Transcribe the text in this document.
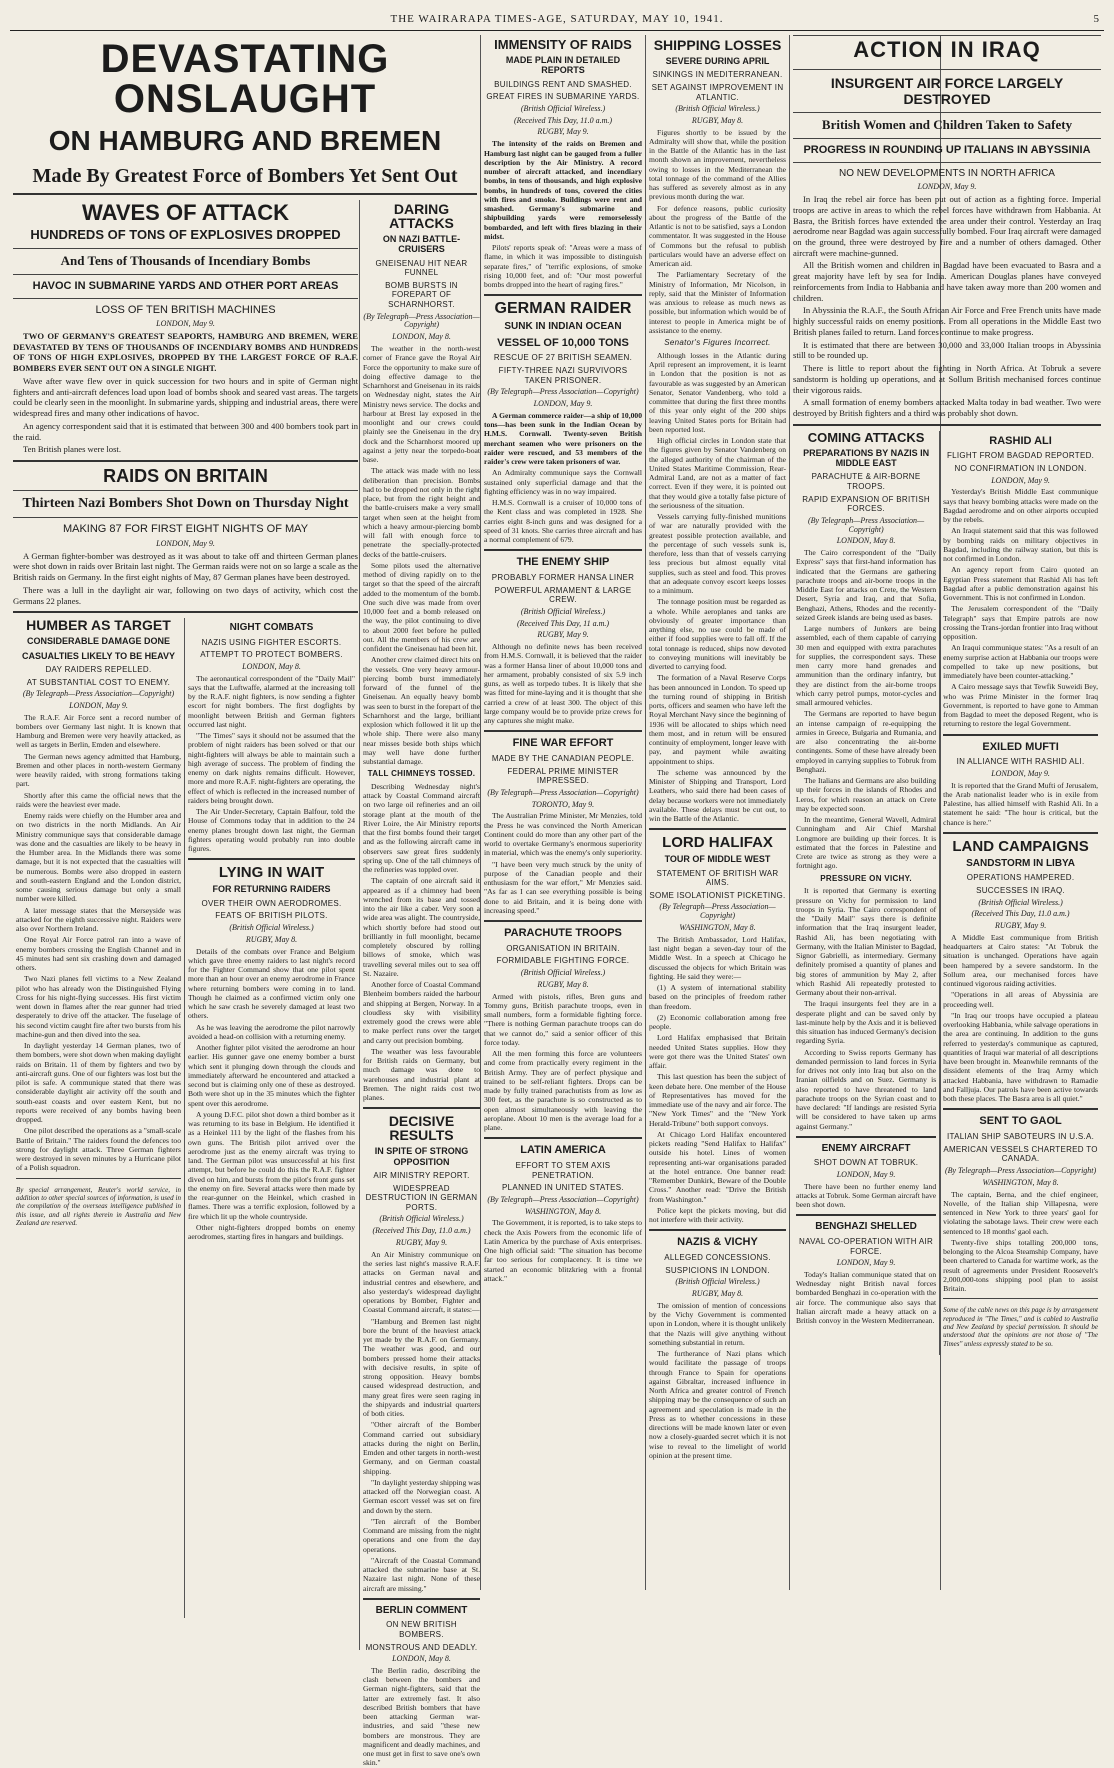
THE WAIRARAPA TIMES-AGE, SATURDAY, MAY 10, 1941.	5
DEVASTATING ONSLAUGHT
ON HAMBURG AND BREMEN
Made By Greatest Force of Bombers Yet Sent Out
WAVES OF ATTACK
HUNDREDS OF TONS OF EXPLOSIVES DROPPED
And Tens of Thousands of Incendiary Bombs
HAVOC IN SUBMARINE YARDS AND OTHER PORT AREAS
LOSS OF TEN BRITISH MACHINES
LONDON, May 9.

TWO OF GERMANY'S GREATEST SEAPORTS, HAMBURG AND BREMEN, WERE DEVASTATED BY TENS OF THOUSANDS OF INCENDIARY BOMBS AND HUNDREDS OF TONS OF HIGH EXPLOSIVES, DROPPED BY THE LARGEST FORCE OF R.A.F. BOMBERS EVER SENT OUT ON A SINGLE NIGHT.

Wave after wave flew over in quick succession for two hours and in spite of German night fighters and anti-aircraft defences load upon load of bombs shook and seared vast areas. The targets could be clearly seen in the moonlight. In submarine yards, shipping and industrial areas, there were widespread fires and many other indications of havoc.

An agency correspondent said that it is estimated that between 300 and 400 bombers took part in the raid.

Ten British planes were lost.

RAIDS ON BRITAIN
Thirteen Nazi Bombers Shot Down on Thursday Night
MAKING 87 FOR FIRST EIGHT NIGHTS OF MAY
LONDON, May 9.

A German fighter-bomber was destroyed as it was about to take off and thirteen German planes were shot down in raids over Britain last night. The German raids were not on so large a scale as the British raids on Germany. In the first eight nights of May, 87 German planes have been destroyed.

There was a lull in the daylight air war, following on two days of activity, which cost the Germans 22 planes.

HUMBER AS TARGET
CONSIDERABLE DAMAGE DONE
CASUALTIES LIKELY TO BE HEAVY
DAY RAIDERS REPELLED.
AT SUBSTANTIAL COST TO ENEMY.
(By Telegraph—Press Association—Copyright)
LONDON, May 9.

The R.A.F. Air Force sent a record number of bombers over Germany last night. It is known that Hamburg and Bremen were very heavily attacked, as well as targets in Berlin, Emden and elsewhere.

The German news agency admitted that Hamburg, Bremen and other places in north-western Germany were heavily raided, with strong formations taking part.

Shortly after this came the official news that the raids were the heaviest ever made.

Enemy raids were chiefly on the Humber area and on two districts in the north Midlands. An Air Ministry communique says that considerable damage was done and the casualties are likely to be heavy in the Humber area. In the Midlands there was some damage, but it is not expected that the casualties will be numerous. Bombs were also dropped in eastern and south-eastern England and the London district, some causing serious damage but only a small number were killed.

A later message states that the Merseyside was attacked for the eighth successive night. Raiders were also over Northern Ireland.

One Royal Air Force patrol ran into a wave of enemy bombers crossing the English Channel and in 45 minutes had sent six crashing down and damaged others.

Two Nazi planes fell victims to a New Zealand pilot who has already won the Distinguished Flying Cross for his night-flying successes. His first victim went down in flames after the rear gunner had tried desperately to drive off the attacker. The fuselage of his second victim caught fire after two bursts from his machine-gun and then dived into the sea.

In daylight yesterday 14 German planes, two of them bombers, were shot down when making daylight raids on Britain. 11 of them by fighters and two by anti-aircraft guns. One of our fighters was lost but the pilot is safe. A communique stated that there was considerable daylight air activity off the south and south-east coasts and over eastern Kent, but no reports were received of any bombs having been dropped.

One pilot described the operations as a "small-scale Battle of Britain." The raiders found the defences too strong for daylight attack. Three German fighters were destroyed in seven minutes by a Hurricane pilot of a Polish squadron.

By special arrangement, Reuter's world service, in addition to other special sources of information, is used in the compilation of the overseas intelligence published in this issue, and all rights therein in Australia and New Zealand are reserved.

NIGHT COMBATS
NAZIS USING FIGHTER ESCORTS.
ATTEMPT TO PROTECT BOMBERS.
LONDON, May 8.

The aeronautical correspondent of the "Daily Mail" says that the Luftwaffe, alarmed at the increasing toll by the R.A.F. night fighters, is now sending a fighter escort for night bombers. The first dogfights by moonlight between British and German fighters occurred last night.

"The Times" says it should not be assumed that the problem of night raiders has been solved or that our night-fighters will always be able to maintain such a high average of success. The problem of finding the enemy on dark nights remains difficult. However, more and more R.A.F. night-fighters are operating, the effect of which is reflected in the increased number of raiders being brought down.

The Air Under-Secretary, Captain Balfour, told the House of Commons today that in addition to the 24 enemy planes brought down last night, the German fighters operating would probably run into double figures.

LYING IN WAIT
FOR RETURNING RAIDERS
OVER THEIR OWN AERODROMES.
FEATS OF BRITISH PILOTS.
(British Official Wireless.)
RUGBY, May 8.

Details of the combats over France and Belgium which gave three enemy raiders to last night's record for the Fighter Command show that one pilot spent more than an hour over an enemy aerodrome in France where returning bombers were coming in to land. Though he claimed as a confirmed victim only one which he saw crash he severely damaged at least two others.

As he was leaving the aerodrome the pilot narrowly avoided a head-on collision with a returning enemy.

Another fighter pilot visited the aerodrome an hour earlier. His gunner gave one enemy bomber a burst which sent it plunging down through the clouds and immediately afterward he encountered and attacked a second but is claiming only one of these as destroyed. Both were shot up in the 35 minutes which the fighter spent over this aerodrome.

A young D.F.C. pilot shot down a third bomber as it was returning to its base in Belgium. He identified it as a Heinkel 111 by the light of the flashes from his own guns. The British pilot arrived over the aerodrome just as the enemy aircraft was trying to land. The German pilot was unsuccessful at his first attempt, but before he could do this the R.A.F. fighter dived on him, and bursts from the pilot's front guns set the enemy on fire. Several attacks were then made by the rear-gunner on the Heinkel, which crashed in flames. There was a terrific explosion, followed by a fire which lit up the whole countryside.

Other night-fighters dropped bombs on enemy aerodromes, starting fires in hangars and buildings.

DARING ATTACKS
ON NAZI BATTLE-CRUISERS
GNEISENAU HIT NEAR FUNNEL
BOMB BURSTS IN FOREPART OF SCHARNHORST.
(By Telegraph—Press Association—Copyright)
LONDON, May 8.

The weather in the north-west corner of France gave the Royal Air Force the opportunity to make sure of doing effective damage to the Scharnhorst and Gneisenau in its raids on Wednesday night, states the Air Ministry news service. The docks and harbour at Brest lay exposed in the moonlight and our crews could plainly see the Gneisenau in the dry dock and the Scharnhorst moored up against a jetty near the torpedo-boat base.

The attack was made with no less deliberation than precision. Bombs had to be dropped not only in the right place, but from the right height and the battle-cruisers make a very small target when seen at the height from which a heavy armour-piercing bomb will fall with enough force to penetrate the specially-protected decks of the battle-cruisers.

Some pilots used the alternative method of diving rapidly on to the target so that the speed of the aircraft added to the momentum of the bomb. One such dive was made from over 10,000 feet and a bomb released on the way, the pilot continuing to dive to about 2000 feet before he pulled out. All the members of his crew are confident the Gneisenau had been hit.

Another crew claimed direct hits on the vessels. One very heavy armour-piercing bomb burst immediately forward of the funnel of the Gneisenau. An equally heavy bomb was seen to burst in the forepart of the Scharnhorst and the large, brilliant explosion which followed it lit up the whole ship. There were also many near misses beside both ships which may well have done further substantial damage.

TALL CHIMNEYS TOSSED.

Describing Wednesday night's attack by Coastal Command aircraft on two large oil refineries and an oil storage plant at the mouth of the River Loire, the Air Ministry reports that the first bombs found their target and as the following aircraft came in observers saw great fires suddenly spring up. One of the tall chimneys of the refineries was toppled over.

The captain of one aircraft said it appeared as if a chimney had been wrenched from its base and tossed into the air like a caber. Very soon a wide area was alight. The countryside, which shortly before had stood out brilliantly in full moonlight, became completely obscured by rolling billows of smoke, which was travelling several miles out to sea off St. Nazaire.

Another force of Coastal Command Blenheim bombers raided the harbour and shipping at Bergen, Norway. In a cloudless sky with visibility extremely good the crews were able to make perfect runs over the target and carry out precision bombing.

The weather was less favourable for British raids on Germany, but much damage was done to warehouses and industrial plant at Bremen. The night raids cost two planes.

DECISIVE RESULTS
IN SPITE OF STRONG OPPOSITION
AIR MINISTRY REPORT.
WIDESPREAD DESTRUCTION IN GERMAN PORTS.
(British Official Wireless.)
(Received This Day, 11.0 a.m.)
RUGBY, May 9.

An Air Ministry communique on the series last night's massive R.A.F. attacks on German naval and industrial centres and elsewhere, and also yesterday's widespread daylight operations by Bomber, Fighter and Coastal Command aircraft, it states:—

"Hamburg and Bremen last night bore the brunt of the heaviest attack yet made by the R.A.F. on Germany. The weather was good, and our bombers pressed home their attacks with decisive results, in spite of strong opposition. Heavy bombs caused widespread destruction, and many great fires were seen raging in the shipyards and industrial quarters of both cities.

"Other aircraft of the Bomber Command carried out subsidiary attacks during the night on Berlin, Emden and other targets in north-west Germany, and on German coastal shipping.

"In daylight yesterday shipping was attacked off the Norwegian coast. A German escort vessel was set on fire and down by the stern.

"Ten aircraft of the Bomber Command are missing from the night operations and one from the day operations.

"Aircraft of the Coastal Command attacked the submarine base at St. Nazaire last night. None of these aircraft are missing."

BERLIN COMMENT
ON NEW BRITISH BOMBERS.
MONSTROUS AND DEADLY.
LONDON, May 8.

The Berlin radio, describing the clash between the bombers and German night-fighters, said that the latter are extremely fast. It also described British bombers that have been attacking German war-industries, and said "these new bombers are monstrous. They are magnificent and deadly machines, and one must get in first to save one's own skin."

IMMENSITY OF RAIDS
MADE PLAIN IN DETAILED REPORTS
BUILDINGS RENT AND SMASHED.
GREAT FIRES IN SUBMARINE YARDS.
(British Official Wireless.)
(Received This Day, 11.0 a.m.)
RUGBY, May 9.

The intensity of the raids on Bremen and Hamburg last night can be gauged from a fuller description by the Air Ministry. A record number of aircraft attacked, and incendiary bombs, in tens of thousands, and high explosive bombs, in hundreds of tons, covered the cities with fires and smoke. Buildings were rent and smashed. Germany's submarine and shipbuilding yards were remorselessly bombarded, and left with fires blazing in their midst.

Pilots' reports speak of: "Areas were a mass of flame, in which it was impossible to distinguish separate fires," of "terrific explosions, of smoke rising 10,000 feet, and of: "Our most powerful bombs dropped into the heart of raging fires."

GERMAN RAIDER
SUNK IN INDIAN OCEAN
VESSEL OF 10,000 TONS
RESCUE OF 27 BRITISH SEAMEN.
FIFTY-THREE NAZI SURVIVORS TAKEN PRISONER.
(By Telegraph—Press Association—Copyright)
LONDON, May 9.

A German commerce raider—a ship of 10,000 tons—has been sunk in the Indian Ocean by H.M.S. Cornwall. Twenty-seven British merchant seamen who were prisoners on the raider were rescued, and 53 members of the raider's crew were taken prisoners of war.

An Admiralty communique says the Cornwall sustained only superficial damage and that the fighting efficiency was in no way impaired.

H.M.S. Cornwall is a cruiser of 10,000 tons of the Kent class and was completed in 1928. She carries eight 8-inch guns and was designed for a speed of 31 knots. She carries three aircraft and has a normal complement of 679.

THE ENEMY SHIP
PROBABLY FORMER HANSA LINER
POWERFUL ARMAMENT & LARGE CREW.
(British Official Wireless.)
(Received This Day, 11 a.m.)
RUGBY, May 9.

Although no definite news has been received from H.M.S. Cornwall, it is believed that the raider was a former Hansa liner of about 10,000 tons and her armament, probably consisted of six 5.9 inch guns, as well as torpedo tubes. It is likely that she was fitted for mine-laying and it is thought that she carried a crew of at least 300. The object of this large company would be to provide prize crews for any captures she might make.

FINE WAR EFFORT
MADE BY THE CANADIAN PEOPLE.
FEDERAL PRIME MINISTER IMPRESSED.
(By Telegraph—Press Association—Copyright)
TORONTO, May 9.

The Australian Prime Minister, Mr Menzies, told the Press he was convinced the North American Continent could do more than any other part of the world to overtake Germany's enormous superiority in material, which was the enemy's only superiority.

"I have been very much struck by the unity of purpose of the Canadian people and their enthusiasm for the war effort," Mr Menzies said. "As far as I can see everything possible is being done to aid Britain, and it is being done with increasing speed."

PARACHUTE TROOPS
ORGANISATION IN BRITAIN.
FORMIDABLE FIGHTING FORCE.
(British Official Wireless.)
RUGBY, May 8.

Armed with pistols, rifles, Bren guns and Tommy guns, British parachute troops, even in small numbers, form a formidable fighting force. "There is nothing German parachute troops can do that we cannot do," said a senior officer of this force today.

All the men forming this force are volunteers and come from practically every regiment in the British Army. They are of perfect physique and trained to be self-reliant fighters. Drops can be made by fully trained parachutists from as low as 300 feet, as the parachute is so constructed as to open almost simultaneously with leaving the aeroplane. About 10 men is the average load for a plane.

LATIN AMERICA
EFFORT TO STEM AXIS PENETRATION.
PLANNED IN UNITED STATES.
(By Telegraph—Press Association—Copyright)
WASHINGTON, May 8.

The Government, it is reported, is to take steps to check the Axis Powers from the economic life of Latin America by the purchase of Axis enterprises. One high official said: "The situation has become far too serious for complacency. It is time we started an economic blitzkrieg with a frontal attack."

SHIPPING LOSSES
SEVERE DURING APRIL
SINKINGS IN MEDITERRANEAN.
SET AGAINST IMPROVEMENT IN ATLANTIC.
(British Official Wireless.)
RUGBY, May 8.

Figures shortly to be issued by the Admiralty will show that, while the position in the Battle of the Atlantic has in the last month shown an improvement, nevertheless owing to losses in the Mediterranean the total tonnage of the command of the Allies has suffered as severely almost as in any previous month during the war.

For defence reasons, public curiosity about the progress of the Battle of the Atlantic is not to be satisfied, says a London commentator. It was suggested in the House of Commons but the refusal to publish particulars would have an adverse effect on American aid.

The Parliamentary Secretary of the Ministry of Information, Mr Nicolson, in reply, said that the Minister of Information was anxious to release as much news as possible, but information which would be of interest to people in America might be of assistance to the enemy.

Senator's Figures Incorrect.

Although losses in the Atlantic during April represent an improvement, it is learnt in London that the position is not as favourable as was suggested by an American Senator, Senator Vandenberg, who told a committee that during the first three months of this year only eight of the 200 ships leaving United States ports for Britain had been reported lost.

High official circles in London state that the figures given by Senator Vandenberg on the alleged authority of the chairman of the United States Maritime Commission, Rear-Admiral Land, are not as a matter of fact correct. Even if they were, it is pointed out that they would give a totally false picture of the seriousness of the situation.

Vessels carrying fully-finished munitions of war are naturally provided with the greatest possible protection available, and the percentage of such vessels sunk is, therefore, less than that of vessels carrying less precious but almost equally vital supplies, such as steel and food. This proves that an adequate convoy escort keeps losses to a minimum.

The tonnage position must be regarded as a whole. While aeroplanes and tanks are obviously of greater importance than anything else, no use could be made of either if food supplies were to fall off. If the total tonnage is reduced, ships now devoted to conveying munitions will inevitably be diverted to carrying food.

The formation of a Naval Reserve Corps has been announced in London. To speed up the turning round of shipping in British ports, officers and seamen who have left the Royal Merchant Navy since the beginning of 1936 will be allocated to ships which need them most, and in return will be ensured continuity of employment, longer leave with pay, and payment while awaiting appointment to ships.

The scheme was announced by the Minister of Shipping and Transport, Lord Leathers, who said there had been cases of delay because workers were not immediately available. These delays must be cut out, to win the Battle of the Atlantic.

LORD HALIFAX
TOUR OF MIDDLE WEST
STATEMENT OF BRITISH WAR AIMS.
SOME ISOLATIONIST PICKETING.
(By Telegraph—Press Association—Copyright)
WASHINGTON, May 8.

The British Ambassador, Lord Halifax, last night began a seven-day tour of the Middle West. In a speech at Chicago he discussed the objects for which Britain was fighting. He said they were:—

(1) A system of international stability based on the principles of freedom rather than freedom.

(2) Economic collaboration among free people.

Lord Halifax emphasised that Britain needed United States supplies. How they were got there was the United States' own affair.

This last question has been the subject of keen debate here. One member of the House of Representatives has moved for the immediate use of the navy and air force. The "New York Times" and the "New York Herald-Tribune" both support convoys.

At Chicago Lord Halifax encountered pickets reading "Send Halifax to Halifax" outside his hotel. Lines of women representing anti-war organisations paraded at the hotel entrance. One banner read: "Remember Dunkirk, Beware of the Double Cross." Another read: "Drive the British from Washington."

Police kept the pickets moving, but did not interfere with their activity.

NAZIS & VICHY
ALLEGED CONCESSIONS.
SUSPICIONS IN LONDON.
(British Official Wireless.)
RUGBY, May 8.

The omission of mention of concessions by the Vichy Government is commented upon in London, where it is thought unlikely that the Nazis will give anything without something substantial in return.

The furtherance of Nazi plans which would facilitate the passage of troops through France to Spain for operations against Gibraltar, increased influence in North Africa and greater control of French shipping may be the consequence of such an agreement and speculation is made in the Press as to whether concessions in these directions will be made known later or even now a closely-guarded secret which it is not wise to reveal to the limelight of world opinion at the present time.

ACTION IN IRAQ
INSURGENT AIR FORCE LARGELY DESTROYED
British Women and Children Taken to Safety
PROGRESS IN ROUNDING UP ITALIANS IN ABYSSINIA
NO NEW DEVELOPMENTS IN NORTH AFRICA
LONDON, May 9.

In Iraq the rebel air force has been put out of action as a fighting force. Imperial troops are active in areas to which the rebel forces have withdrawn from Habbania. At Basra, the British forces have extended the area under their control. Yesterday an Iraq aerodrome near Bagdad was again successfully bombed. Four Iraq aircraft were damaged on the ground, three were destroyed by fire and a number of others damaged. Other aircraft were machine-gunned.

All the British women and children in Bagdad have been evacuated to Basra and a great majority have left by sea for India. American Douglas planes have conveyed reinforcements from India to Habbania and have taken away more than 200 women and children.

In Abyssinia the R.A.F., the South African Air Force and Free French units have made highly successful raids on enemy positions. From all operations in the Middle East two British planes failed to return. Land forces continue to make progress.

It is estimated that there are between 30,000 and 33,000 Italian troops in Abyssinia still to be rounded up.

There is little to report about the fighting in North Africa. At Tobruk a severe sandstorm is holding up operations, and at Sollum British mechanised forces continue their vigorous raids.

A small formation of enemy bombers attacked Malta today in bad weather. Two were destroyed by British fighters and a third was probably shot down.

COMING ATTACKS
PREPARATIONS BY NAZIS IN MIDDLE EAST
PARACHUTE & AIR-BORNE TROOPS.
RAPID EXPANSION OF BRITISH FORCES.
(By Telegraph—Press Association—Copyright)
LONDON, May 8.

The Cairo correspondent of the "Daily Express" says that first-hand information has indicated that the Germans are gathering parachute troops and air-borne troops in the Middle East for attacks on Crete, the Western Desert, Syria and Iraq, and that Sofia, Benghazi, Athens, Rhodes and the recently-seized Greek islands are being used as bases.

Large numbers of Junkers are being assembled, each of them capable of carrying 30 men and equipped with extra parachutes for supplies, the correspondent says. These men carry more hand grenades and ammunition than the ordinary infantry, but they are distinct from the air-borne troops which carry petrol pumps, motor-cycles and small armoured vehicles.

The Germans are reported to have begun an intense campaign of re-equipping the armies in Greece, Bulgaria and Rumania, and are also concentrating the air-borne contingents. Some of these have already been employed in carrying supplies to Tobruk from Benghazi.

The Italians and Germans are also building up their forces in the islands of Rhodes and Leros, for which reason an attack on Crete may be expected soon.

In the meantime, General Wavell, Admiral Cunningham and Air Chief Marshal Longmore are building up their forces. It is estimated that the forces in Palestine and Crete are twice as strong as they were a fortnight ago.

PRESSURE ON VICHY.

It is reported that Germany is exerting pressure on Vichy for permission to land troops in Syria. The Cairo correspondent of the "Daily Mail" says there is definite information that the Iraq insurgent leader, Rashid Ali, has been negotiating with Germany, with the Italian Minister to Bagdad, Signor Gabrielli, as intermediary. Germany definitely promised a quantity of planes and big stores of ammunition by May 2, after which Rashid Ali repeatedly protested to Germany about their non-arrival.

The Iraqui insurgents feel they are in a desperate plight and can be saved only by last-minute help by the Axis and it is believed this situation has induced Germany's decision regarding Syria.

According to Swiss reports Germany has demanded permission to land forces in Syria for drives not only into Iraq but also on the Iranian oilfields and on Suez. Germany is also reported to have threatened to land parachute troops on the Syrian coast and to have declared: "If landings are resisted Syria will be considered to have taken up arms against Germany."

ENEMY AIRCRAFT
SHOT DOWN AT TOBRUK.
LONDON, May 9.

There have been no further enemy land attacks at Tobruk. Some German aircraft have been shot down.

BENGHAZI SHELLED
NAVAL CO-OPERATION WITH AIR FORCE.
LONDON, May 9.

Today's Italian communique stated that on Wednesday night British naval forces bombarded Benghazi in co-operation with the air force. The communique also says that Italian aircraft made a heavy attack on a British convoy in the Western Mediterranean.

RASHID ALI
FLIGHT FROM BAGDAD REPORTED.
NO CONFIRMATION IN LONDON.
LONDON, May 9.

Yesterday's British Middle East communique says that heavy bombing attacks were made on the Bagdad aerodrome and on other airports occupied by the rebels.

An Iraqui statement said that this was followed by bombing raids on military objectives in Bagdad, including the railway station, but this is not confirmed in London.

An agency report from Cairo quoted an Egyptian Press statement that Rashid Ali has left Bagdad after a public demonstration against his Government. This is not confirmed in London.

The Jerusalem correspondent of the "Daily Telegraph" says that Empire patrols are now crossing the Trans-jordan frontier into Iraq without opposition.

An Iraqui communique states: "As a result of an enemy surprise action at Habbania our troops were compelled to take up new positions, but immediately have been counter-attacking."

A Cairo message says that Tewfik Suweidi Bey, who was Prime Minister in the former Iraq Government, is reported to have gone to Amman from Bagdad to meet the deposed Regent, who is returning to restore the legal Government.

EXILED MUFTI
IN ALLIANCE WITH RASHID ALI.
LONDON, May 9.

It is reported that the Grand Mufti of Jerusalem, the Arab nationalist leader who is in exile from Palestine, has allied himself with Rashid Ali. In a statement he said: "The hour is critical, but the chance is here."

LAND CAMPAIGNS
SANDSTORM IN LIBYA
OPERATIONS HAMPERED.
SUCCESSES IN IRAQ.
(British Official Wireless.)
(Received This Day, 11.0 a.m.)
RUGBY, May 9.

A Middle East communique from British headquarters at Cairo states: "At Tobruk the situation is unchanged. Operations have again been hampered by a severe sandstorm. In the Sollum area, our mechanised forces have continued vigorous raiding activities.

"Operations in all areas of Abyssinia are proceeding well.

"In Iraq our troops have occupied a plateau overlooking Habbania, while salvage operations in the area are continuing. In addition to the guns referred to yesterday's communique as captured, quantities of Iraqui war material of all descriptions have been brought in. Meanwhile remnants of the dissident elements of the Iraq Army which attacked Habbania, have withdrawn to Ramadie and Falljuja. Our patrols have been active towards both these places. The Basra area is all quiet."

SENT TO GAOL
ITALIAN SHIP SABOTEURS IN U.S.A.
AMERICAN VESSELS CHARTERED TO CANADA.
(By Telegraph—Press Association—Copyright)
WASHINGTON, May 8.

The captain, Berna, and the chief engineer, Novelle, of the Italian ship Villapesna, were sentenced in New York to three years' gaol for violating the sabotage laws. Their crew were each sentenced to 18 months' gaol each.

Twenty-five ships totalling 200,000 tons, belonging to the Alcoa Steamship Company, have been chartered to Canada for wartime work, as the result of agreements under President Roosevelt's 2,000,000-tons shipping pool plan to assist Britain.

Some of the cable news on this page is by arrangement reproduced in "The Times," and is cabled to Australia and New Zealand by special permission. It should be understood that the opinions are not those of "The Times" unless expressly stated to be so.
